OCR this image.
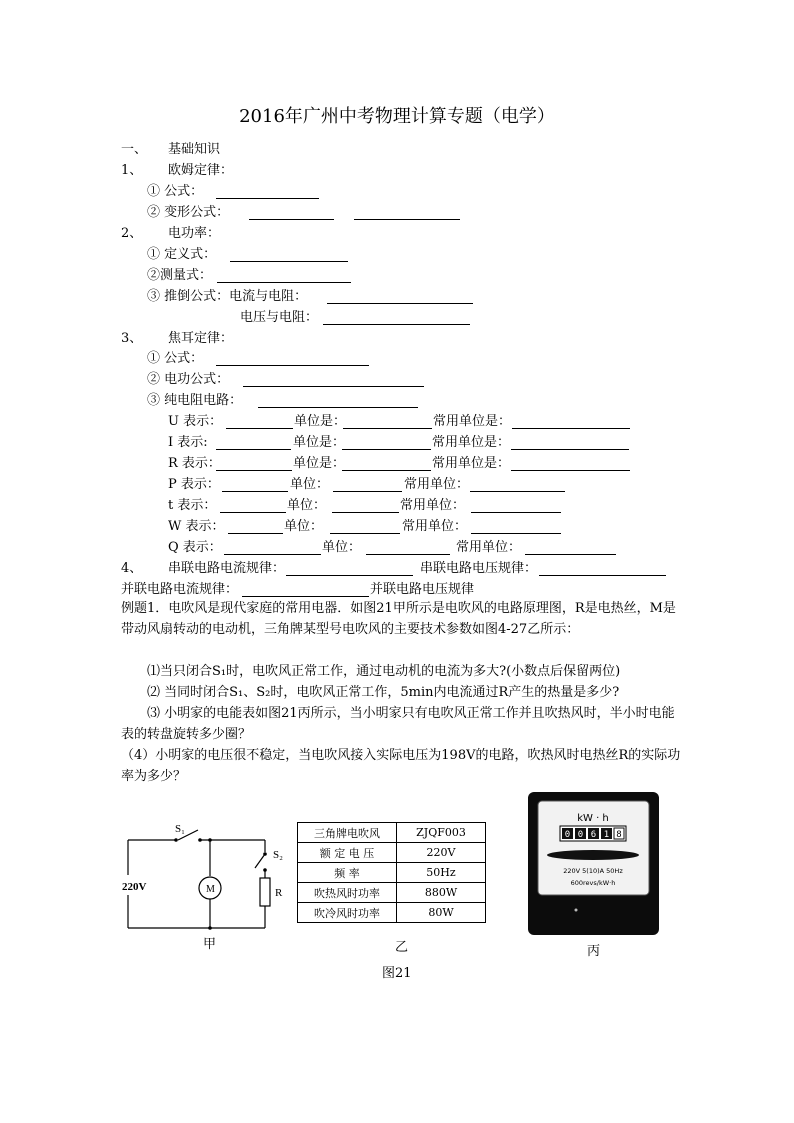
2016年广州中考物理计算专题（电学）
一、 基础知识
1、 欧姆定律：
① 公式：
② 变形公式：
2、 电功率：
① 定义式：
②测量式：
③ 推倒公式：电流与电阻：
电压与电阻：
3、 焦耳定律：
① 公式：
② 电功公式：
③ 纯电阻电路：
U 表示：	单位是：	常用单位是：
I 表示:	单位是：	常用单位是：
R 表示：	单位是：	常用单位是：
P 表示：	单位：	常用单位：
t 表示：	单位：	常用单位：
W 表示：	单位：	常用单位：
Q 表示：	单位：	常用单位：
4、 串联电路电流规律：	串联电路电压规律：
并联电路电流规律：	并联电路电压规律
例题1．电吹风是现代家庭的常用电器．如图21甲所示是电吹风的电路原理图，R是电热丝，M是带动风扇转动的电动机，三角牌某型号电吹风的主要技术参数如图4-27乙所示：
⑴当只闭合S₁时，电吹风正常工作，通过电动机的电流为多大?(小数点后保留两位)
⑵ 当同时闭合S₁、S₂时，电吹风正常工作，5min内电流通过R产生的热量是多少?
⑶ 小明家的电能表如图21丙所示，当小明家只有电吹风正常工作并且吹热风时，半小时电能表的转盘旋转多少圈？
（4）小明家的电压很不稳定，当电吹风接入实际电压为198V的电路，吹热风时电热丝R的实际功率为多少？
S₁
S₂
220V	M	R
甲
三角牌电吹风	ZJQF003
额 定 电 压	220V
频 率	50Hz
吹热风时功率	880W
吹冷风时功率	80W
乙
kW · h
0 0 6 1 8
220V 5(10)A 50Hz
600revs/kW·h
丙
图21
